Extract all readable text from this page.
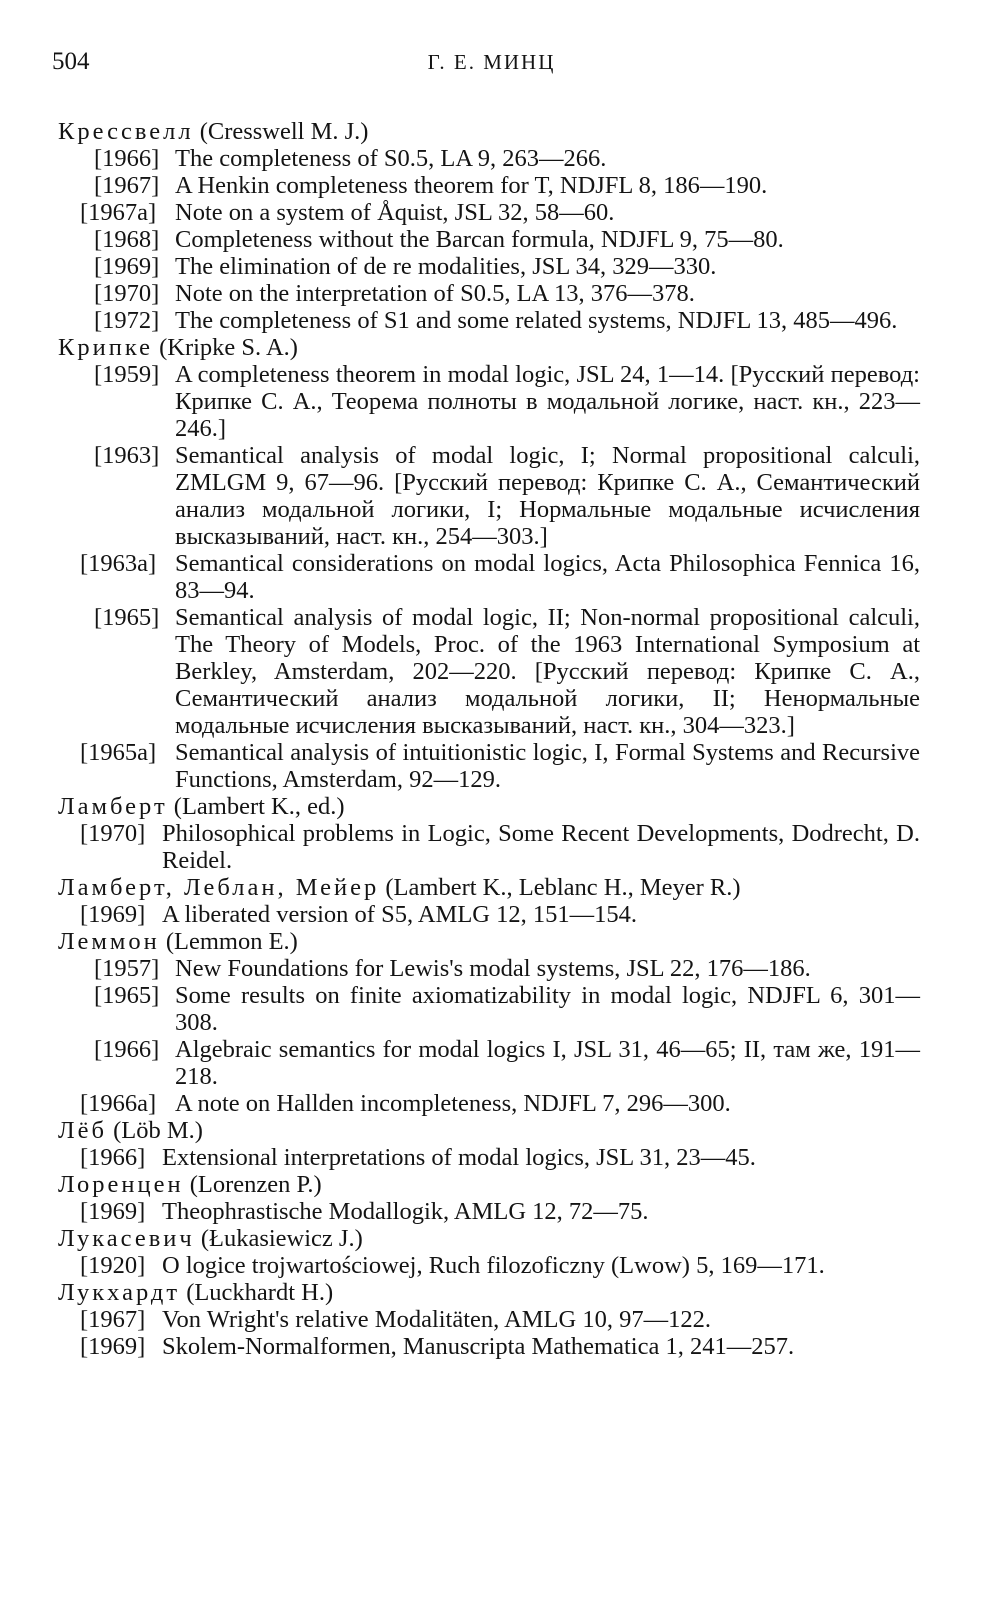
504	Г. Е. МИНЦ
Крессвелл (Cresswell M. J.)
[1966] The completeness of S0.5, LA 9, 263—266.
[1967] A Henkin completeness theorem for T, NDJFL 8, 186—190.
[1967a] Note on a system of Åquist, JSL 32, 58—60.
[1968] Completeness without the Barcan formula, NDJFL 9, 75—80.
[1969] The elimination of de re modalities, JSL 34, 329—330.
[1970] Note on the interpretation of S0.5, LA 13, 376—378.
[1972] The completeness of S1 and some related systems, NDJFL 13, 485—496.
Крипке (Kripke S. A.)
[1959] A completeness theorem in modal logic, JSL 24, 1—14. [Русский перевод: Крипке С. А., Теорема полноты в модальной логике, наст. кн., 223—246.]
[1963] Semantical analysis of modal logic, I; Normal propositional calculi, ZMLGM 9, 67—96. [Русский перевод: Крипке С. А., Семантический анализ модальной логики, I; Нормальные модальные исчисления высказываний, наст. кн., 254—303.]
[1963a] Semantical considerations on modal logics, Acta Philosophica Fennica 16, 83—94.
[1965] Semantical analysis of modal logic, II; Non-normal propositional calculi, The Theory of Models, Proc. of the 1963 International Symposium at Berkley, Amsterdam, 202—220. [Русский перевод: Крипке С. А., Семантический анализ модальной логики, II; Ненормальные модальные исчисления высказываний, наст. кн., 304—323.]
[1965a] Semantical analysis of intuitionistic logic, I, Formal Systems and Recursive Functions, Amsterdam, 92—129.
Ламберт (Lambert K., ed.)
[1970] Philosophical problems in Logic, Some Recent Developments, Dodrecht, D. Reidel.
Ламберт, Леблан, Мейер (Lambert K., Leblanc H., Meyer R.)
[1969] A liberated version of S5, AMLG 12, 151—154.
Леммон (Lemmon E.)
[1957] New Foundations for Lewis's modal systems, JSL 22, 176—186.
[1965] Some results on finite axiomatizability in modal logic, NDJFL 6, 301—308.
[1966] Algebraic semantics for modal logics I, JSL 31, 46—65; II, там же, 191—218.
[1966a] A note on Hallden incompleteness, NDJFL 7, 296—300.
Лёб (Löb M.)
[1966] Extensional interpretations of modal logics, JSL 31, 23—45.
Лоренцен (Lorenzen P.)
[1969] Theophrastische Modallogik, AMLG 12, 72—75.
Лукасевич (Łukasiewicz J.)
[1920] O logice trojwartościowej, Ruch filozoficzny (Lwow) 5, 169—171.
Лукхардт (Luckhardt H.)
[1967] Von Wright's relative Modalitäten, AMLG 10, 97—122.
[1969] Skolem-Normalformen, Manuscripta Mathematica 1, 241—257.
